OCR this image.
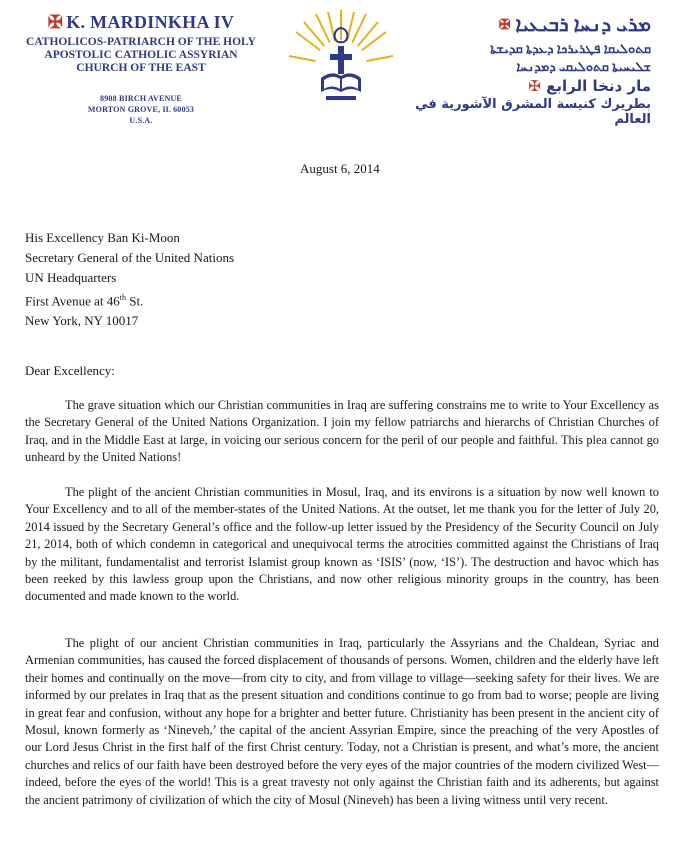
✠ K. MARDINKHA IV
CATHOLICOS-PATRIARCH OF THE HOLY
APOSTOLIC CATHOLIC ASSYRIAN
CHURCH OF THE EAST
8908 BIRCH AVENUE
MORTON GROVE, IL 60053
U.S.A.
ܡܪܝ ܕܢܚܐ ܪܒܝܥܝܐ ✠
ܩܬܘܠܝܩܐ ܦܛܪܝܪܟܐ ܕܥܕܬܐ ܩܕܝܫܬܐ
ܫܠܝܚܝܬܐ ܩܬܘܠܝܩܝ ܕܡܕܢܚܐ
مار دنخا الرابع ✠
بطريرك كنيسة المشرق الآشورية في العالم
August 6, 2014
His Excellency Ban Ki-Moon
Secretary General of the United Nations
UN Headquarters
First Avenue at 46th St.
New York, NY 10017
Dear Excellency:
The grave situation which our Christian communities in Iraq are suffering constrains me to write to Your Excellency as the Secretary General of the United Nations Organization. I join my fellow patriarchs and hierarchs of Christian Churches of Iraq, and in the Middle East at large, in voicing our serious concern for the peril of our people and faithful. This plea cannot go unheard by the United Nations!
The plight of the ancient Christian communities in Mosul, Iraq, and its environs is a situation by now well known to Your Excellency and to all of the member-states of the United Nations. At the outset, let me thank you for the letter of July 20, 2014 issued by the Secretary General’s office and the follow-up letter issued by the Presidency of the Security Council on July 21, 2014, both of which condemn in categorical and unequivocal terms the atrocities committed against the Christians of Iraq by the militant, fundamentalist and terrorist Islamist group known as ‘ISIS’ (now, ‘IS’). The destruction and havoc which has been reeked by this lawless group upon the Christians, and now other religious minority groups in the country, has been documented and made known to the world.
The plight of our ancient Christian communities in Iraq, particularly the Assyrians and the Chaldean, Syriac and Armenian communities, has caused the forced displacement of thousands of persons. Women, children and the elderly have left their homes and continually on the move—from city to city, and from village to village—seeking safety for their lives. We are informed by our prelates in Iraq that as the present situation and conditions continue to go from bad to worse; people are living in great fear and confusion, without any hope for a brighter and better future. Christianity has been present in the ancient city of Mosul, known formerly as ‘Nineveh,’ the capital of the ancient Assyrian Empire, since the preaching of the very Apostles of our Lord Jesus Christ in the first half of the first Christ century. Today, not a Christian is present, and what’s more, the ancient churches and relics of our faith have been destroyed before the very eyes of the major countries of the modern civilized West—indeed, before the eyes of the world! This is a great travesty not only against the Christian faith and its adherents, but against the ancient patrimony of civilization of which the city of Mosul (Nineveh) has been a living witness until very recent.
